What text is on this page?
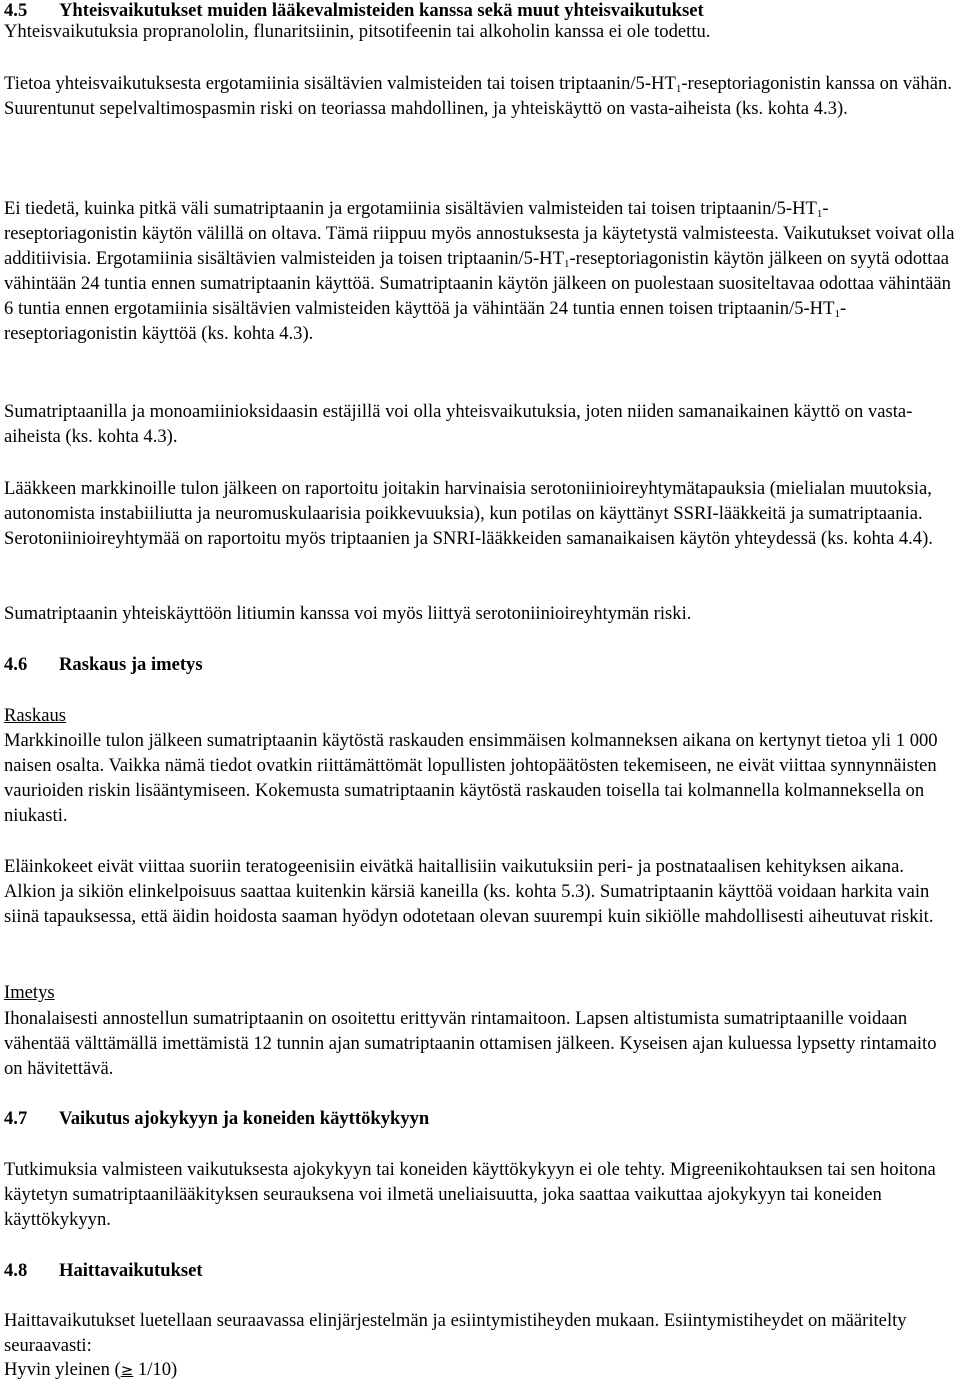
4.5	Yhteisvaikutukset muiden lääkevalmisteiden kanssa sekä muut yhteisvaikutukset

Yhteisvaikutuksia propranololin, flunaritsiinin, pitsotifeenin tai alkoholin kanssa ei ole todettu.

Tietoa yhteisvaikutuksesta ergotamiinia sisältävien valmisteiden tai toisen triptaanin/$5-HT_1$-reseptoriagonistin kanssa on vähän. Suurentunut sepelvaltimospasmin riski on teoriassa mahdollinen, ja yhteiskäyttö on vasta-aiheista (ks. kohta 4.3).

Ei tiedetä, kuinka pitkä väli sumatriptaanin ja ergotamiinia sisältävien valmisteiden tai toisen triptaanin/$5-HT_1$-reseptoriagonistin käytön välillä on oltava. Tämä riippuu myös annostuksesta ja käytetystä valmisteesta. Vaikutukset voivat olla additiivisia. Ergotamiinia sisältävien valmisteiden ja toisen triptaanin/$5-HT_1$-reseptoriagonistin käytön jälkeen on syytä odottaa vähintään 24 tuntia ennen sumatriptaanin käyttöä. Sumatriptaanin käytön jälkeen on puolestaan suositeltavaa odottaa vähintään 6 tuntia ennen ergotamiinia sisältävien valmisteiden käyttöä ja vähintään 24 tuntia ennen toisen triptaanin/$5-HT_1$-reseptoriagonistin käyttöä (ks. kohta 4.3).

Sumatriptaanilla ja monoamiinioksidaasin estäjillä voi olla yhteisvaikutuksia, joten niiden samanaikainen käyttö on vasta-aiheista (ks. kohta 4.3).

Lääkkeen markkinoille tulon jälkeen on raportoitu joitakin harvinaisia serotoniinioireyhtymätapauksia (mielialan muutoksia, autonomista instabiiliutta ja neuromuskulaarisia poikkevuuksia), kun potilas on käyttänyt SSRI-lääkkeitä ja sumatriptaania. Serotoniinioireyhtymää on raportoitu myös triptaanien ja SNRI-lääkkeiden samanaikaisen käytön yhteydessä (ks. kohta 4.4).

Sumatriptaanin yhteiskäyttöön litiumin kanssa voi myös liittyä serotoniinioireyhtymän riski.

4.6	Raskaus ja imetys

Raskaus

Markkinoille tulon jälkeen sumatriptaanin käytöstä raskauden ensimmäisen kolmanneksen aikana on kertynyt tietoa yli 1 000 naisen osalta. Vaikka nämä tiedot ovatkin riittämättömät lopullisten johtopäätösten tekemiseen, ne eivät viittaa synnynnäisten vaurioiden riskin lisääntymiseen. Kokemusta sumatriptaanin käytöstä raskauden toisella tai kolmannella kolmanneksella on niukasti.

Eläinkokeet eivät viittaa suoriin teratogeenisiin eivätkä haitallisiin vaikutuksiin peri- ja postnataalisen kehityksen aikana. Alkion ja sikiön elinkelpoisuus saattaa kuitenkin kärsiä kaneilla (ks. kohta 5.3). Sumatriptaanin käyttöä voidaan harkita vain siinä tapauksessa, että äidin hoidosta saaman hyödyn odotetaan olevan suurempi kuin sikiölle mahdollisesti aiheutuvat riskit.

Imetys

Ihonalaisesti annostellun sumatriptaanin on osoitettu erittyvän rintamaitoon. Lapsen altistumista sumatriptaanille voidaan vähentää välttämällä imettämistä 12 tunnin ajan sumatriptaanin ottamisen jälkeen. Kyseisen ajan kuluessa lypsetty rintamaito on hävitettävä.

4.7	Vaikutus ajokykyyn ja koneiden käyttökykyyn

Tutkimuksia valmisteen vaikutuksesta ajokykyyn tai koneiden käyttökykyyn ei ole tehty. Migreenikohtauksen tai sen hoitona käytetyn sumatriptaanilääkityksen seurauksena voi ilmetä uneliaisuutta, joka saattaa vaikuttaa ajokykyyn tai koneiden käyttökykyyn.

4.8	Haittavaikutukset

Haittavaikutukset luetellaan seuraavassa elinjärjestelmän ja esiintymistiheyden mukaan. Esiintymistiheydet on määritelty seuraavasti:

Hyvin yleinen (≥ 1/10)
